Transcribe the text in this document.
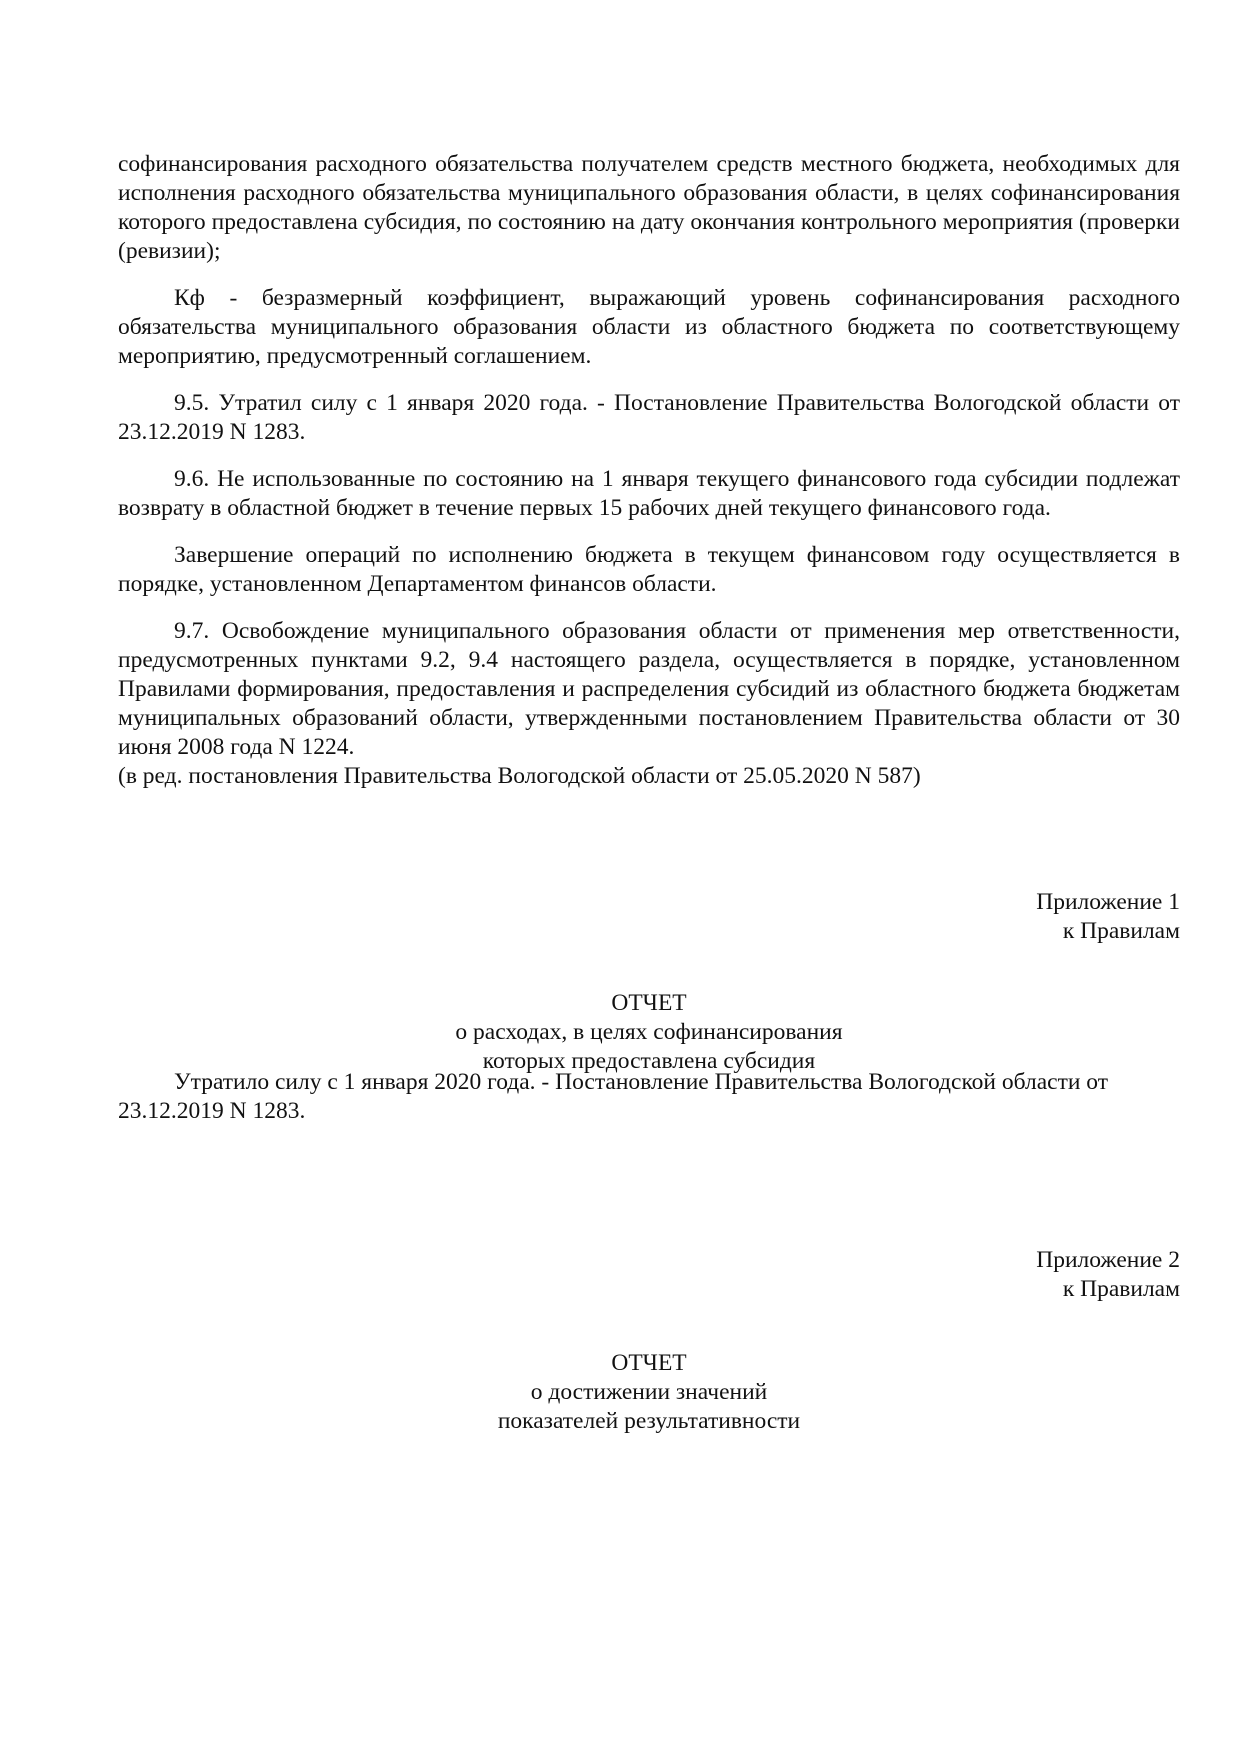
софинансирования расходного обязательства получателем средств местного бюджета, необходимых для исполнения расходного обязательства муниципального образования области, в целях софинансирования которого предоставлена субсидия, по состоянию на дату окончания контрольного мероприятия (проверки (ревизии);

Кф - безразмерный коэффициент, выражающий уровень софинансирования расходного обязательства муниципального образования области из областного бюджета по соответствующему мероприятию, предусмотренный соглашением.

9.5. Утратил силу с 1 января 2020 года. - Постановление Правительства Вологодской области от 23.12.2019 N 1283.

9.6. Не использованные по состоянию на 1 января текущего финансового года субсидии подлежат возврату в областной бюджет в течение первых 15 рабочих дней текущего финансового года.

Завершение операций по исполнению бюджета в текущем финансовом году осуществляется в порядке, установленном Департаментом финансов области.

9.7. Освобождение муниципального образования области от применения мер ответственности, предусмотренных пунктами 9.2, 9.4 настоящего раздела, осуществляется в порядке, установленном Правилами формирования, предоставления и распределения субсидий из областного бюджета бюджетам муниципальных образований области, утвержденными постановлением Правительства области от 30 июня 2008 года N 1224.

(в ред. постановления Правительства Вологодской области от 25.05.2020 N 587)

Приложение 1

к Правилам

ОТЧЕТ

о расходах, в целях софинансирования

которых предоставлена субсидия

Утратило силу с 1 января 2020 года. - Постановление Правительства Вологодской области от 23.12.2019 N 1283.

Приложение 2

к Правилам

ОТЧЕТ

о достижении значений

показателей результативности
